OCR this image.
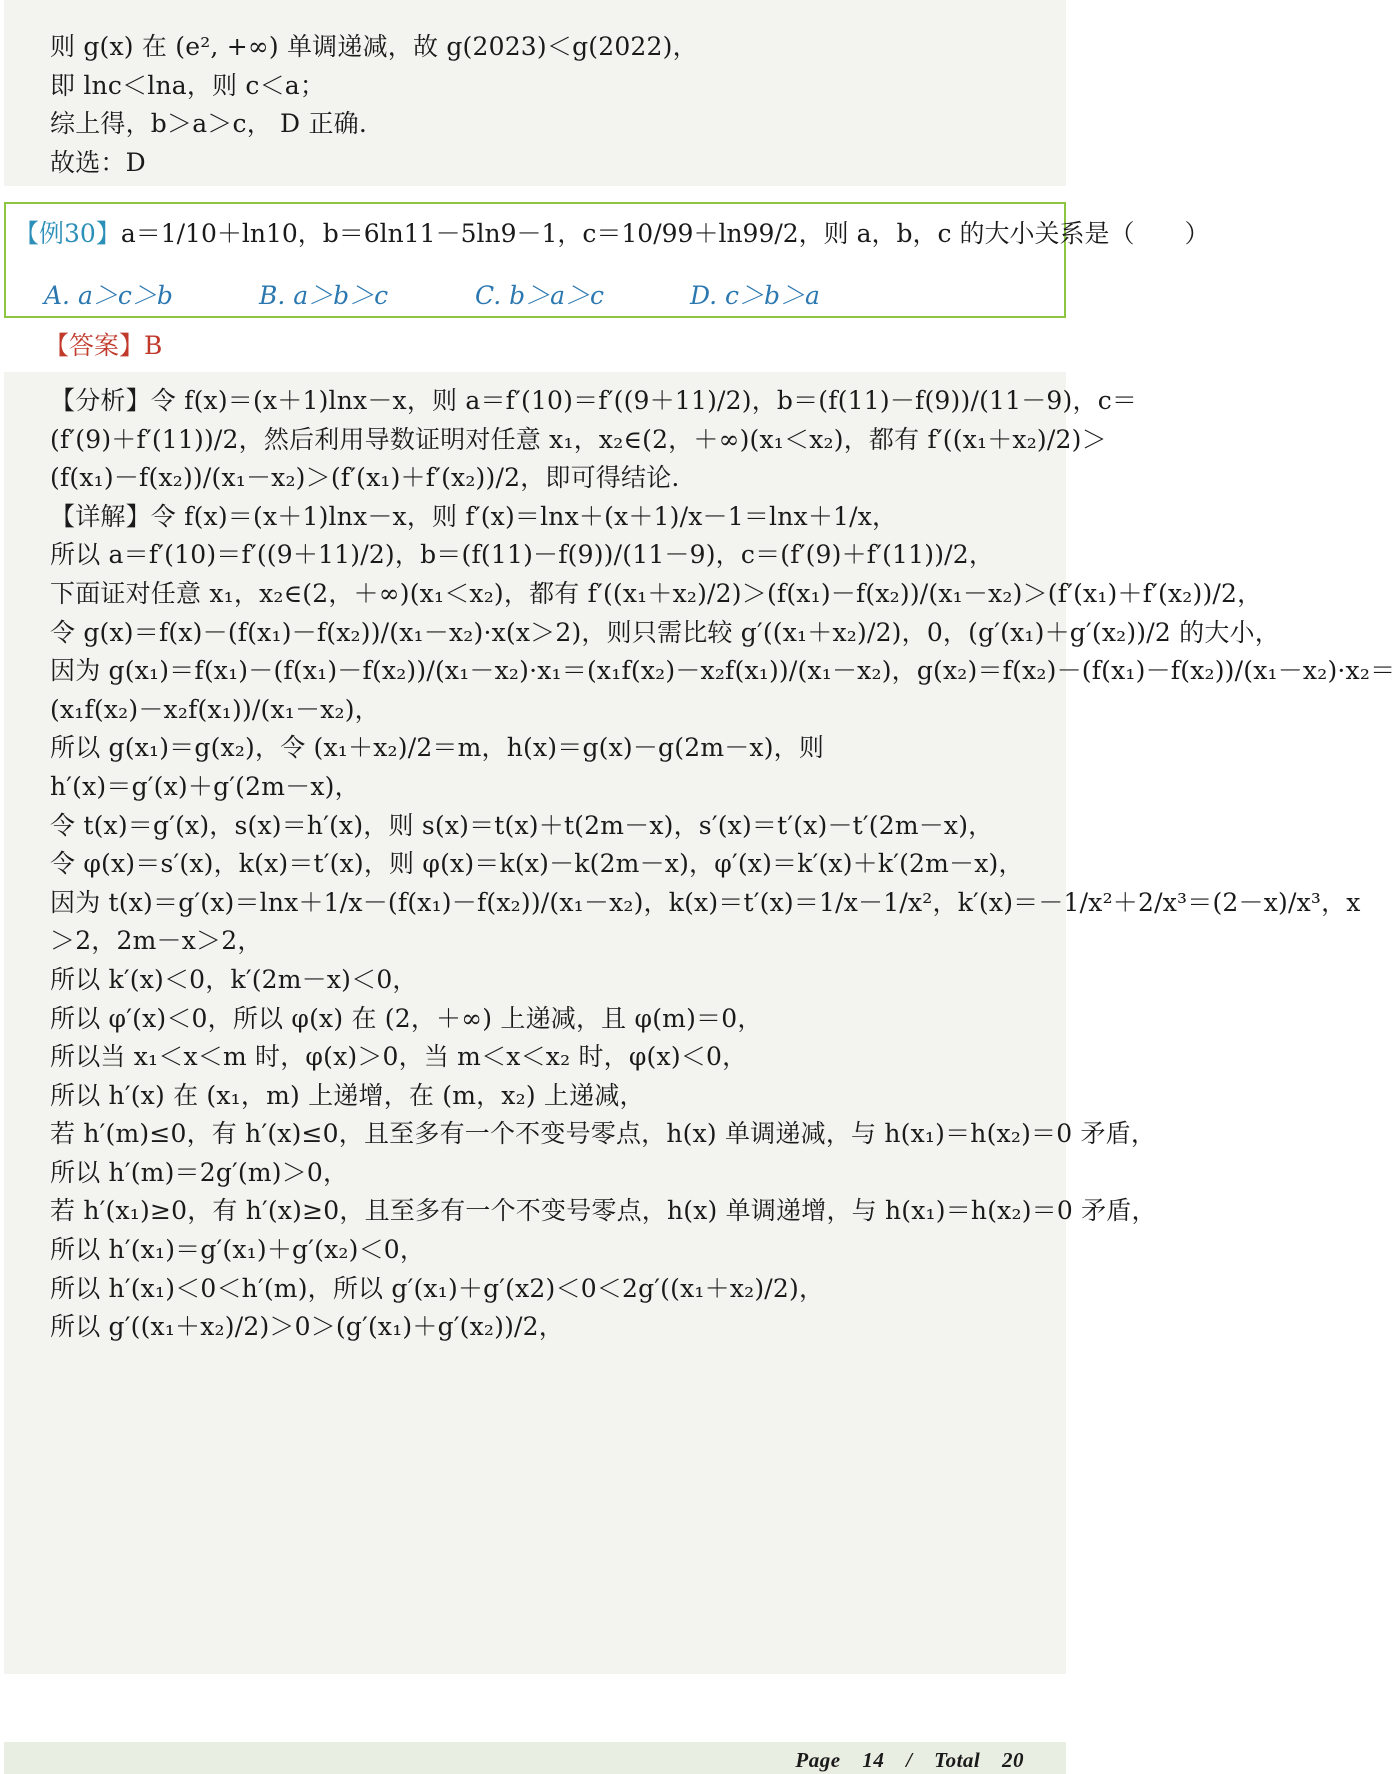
则 g(x) 在 (e², +∞) 单调递减，故 g(2023)＜g(2022)，
即 lnc＜lna，则 c＜a；
综上得，b＞a＞c， D 正确.
故选：D
【例30】a＝1/10＋ln10，b＝6ln11－5ln9－1，c＝10/99＋ln99/2，则 a，b，c 的大小关系是（　　）
A. a＞c＞b	B. a＞b＞c	C. b＞a＞c	D. c＞b＞a
【答案】B
【分析】令 f(x)＝(x＋1)lnx－x，则 a＝f′(10)＝f′((9＋11)/2)，b＝(f(11)－f(9))/(11－9)，c＝
(f′(9)＋f′(11))/2，然后利用导数证明对任意 x₁，x₂∈(2，＋∞)(x₁＜x₂)，都有 f′((x₁＋x₂)/2)＞
(f(x₁)－f(x₂))/(x₁－x₂)＞(f′(x₁)＋f′(x₂))/2，即可得结论.
【详解】令 f(x)＝(x＋1)lnx－x，则 f′(x)＝lnx＋(x＋1)/x－1＝lnx＋1/x，
所以 a＝f′(10)＝f′((9＋11)/2)，b＝(f(11)－f(9))/(11－9)，c＝(f′(9)＋f′(11))/2，
下面证对任意 x₁，x₂∈(2，＋∞)(x₁＜x₂)，都有 f′((x₁＋x₂)/2)＞(f(x₁)－f(x₂))/(x₁－x₂)＞(f′(x₁)＋f′(x₂))/2，
令 g(x)＝f(x)－(f(x₁)－f(x₂))/(x₁－x₂)·x(x＞2)，则只需比较 g′((x₁＋x₂)/2)，0，(g′(x₁)＋g′(x₂))/2 的大小，
因为 g(x₁)＝f(x₁)－(f(x₁)－f(x₂))/(x₁－x₂)·x₁＝(x₁f(x₂)－x₂f(x₁))/(x₁－x₂)，g(x₂)＝f(x₂)－(f(x₁)－f(x₂))/(x₁－x₂)·x₂＝
(x₁f(x₂)－x₂f(x₁))/(x₁－x₂)，
所以 g(x₁)＝g(x₂)，令 (x₁＋x₂)/2＝m，h(x)＝g(x)－g(2m－x)，则
h′(x)＝g′(x)＋g′(2m－x)，
令 t(x)＝g′(x)，s(x)＝h′(x)，则 s(x)＝t(x)＋t(2m－x)，s′(x)＝t′(x)－t′(2m－x)，
令 φ(x)＝s′(x)，k(x)＝t′(x)，则 φ(x)＝k(x)－k(2m－x)，φ′(x)＝k′(x)＋k′(2m－x)，
因为 t(x)＝g′(x)＝lnx＋1/x－(f(x₁)－f(x₂))/(x₁－x₂)，k(x)＝t′(x)＝1/x－1/x²，k′(x)＝－1/x²＋2/x³＝(2－x)/x³，x
＞2，2m－x＞2，
所以 k′(x)＜0，k′(2m－x)＜0，
所以 φ′(x)＜0，所以 φ(x) 在 (2，＋∞) 上递减，且 φ(m)＝0，
所以当 x₁＜x＜m 时，φ(x)＞0，当 m＜x＜x₂ 时，φ(x)＜0，
所以 h′(x) 在 (x₁，m) 上递增，在 (m，x₂) 上递减，
若 h′(m)≤0，有 h′(x)≤0，且至多有一个不变号零点，h(x) 单调递减，与 h(x₁)＝h(x₂)＝0 矛盾，
所以 h′(m)＝2g′(m)＞0，
若 h′(x₁)≥0，有 h′(x)≥0，且至多有一个不变号零点，h(x) 单调递增，与 h(x₁)＝h(x₂)＝0 矛盾，
所以 h′(x₁)＝g′(x₁)＋g′(x₂)＜0，
所以 h′(x₁)＜0＜h′(m)，所以 g′(x₁)＋g′(x2)＜0＜2g′((x₁＋x₂)/2)，
所以 g′((x₁＋x₂)/2)＞0＞(g′(x₁)＋g′(x₂))/2，
Page 14 / Total 20
